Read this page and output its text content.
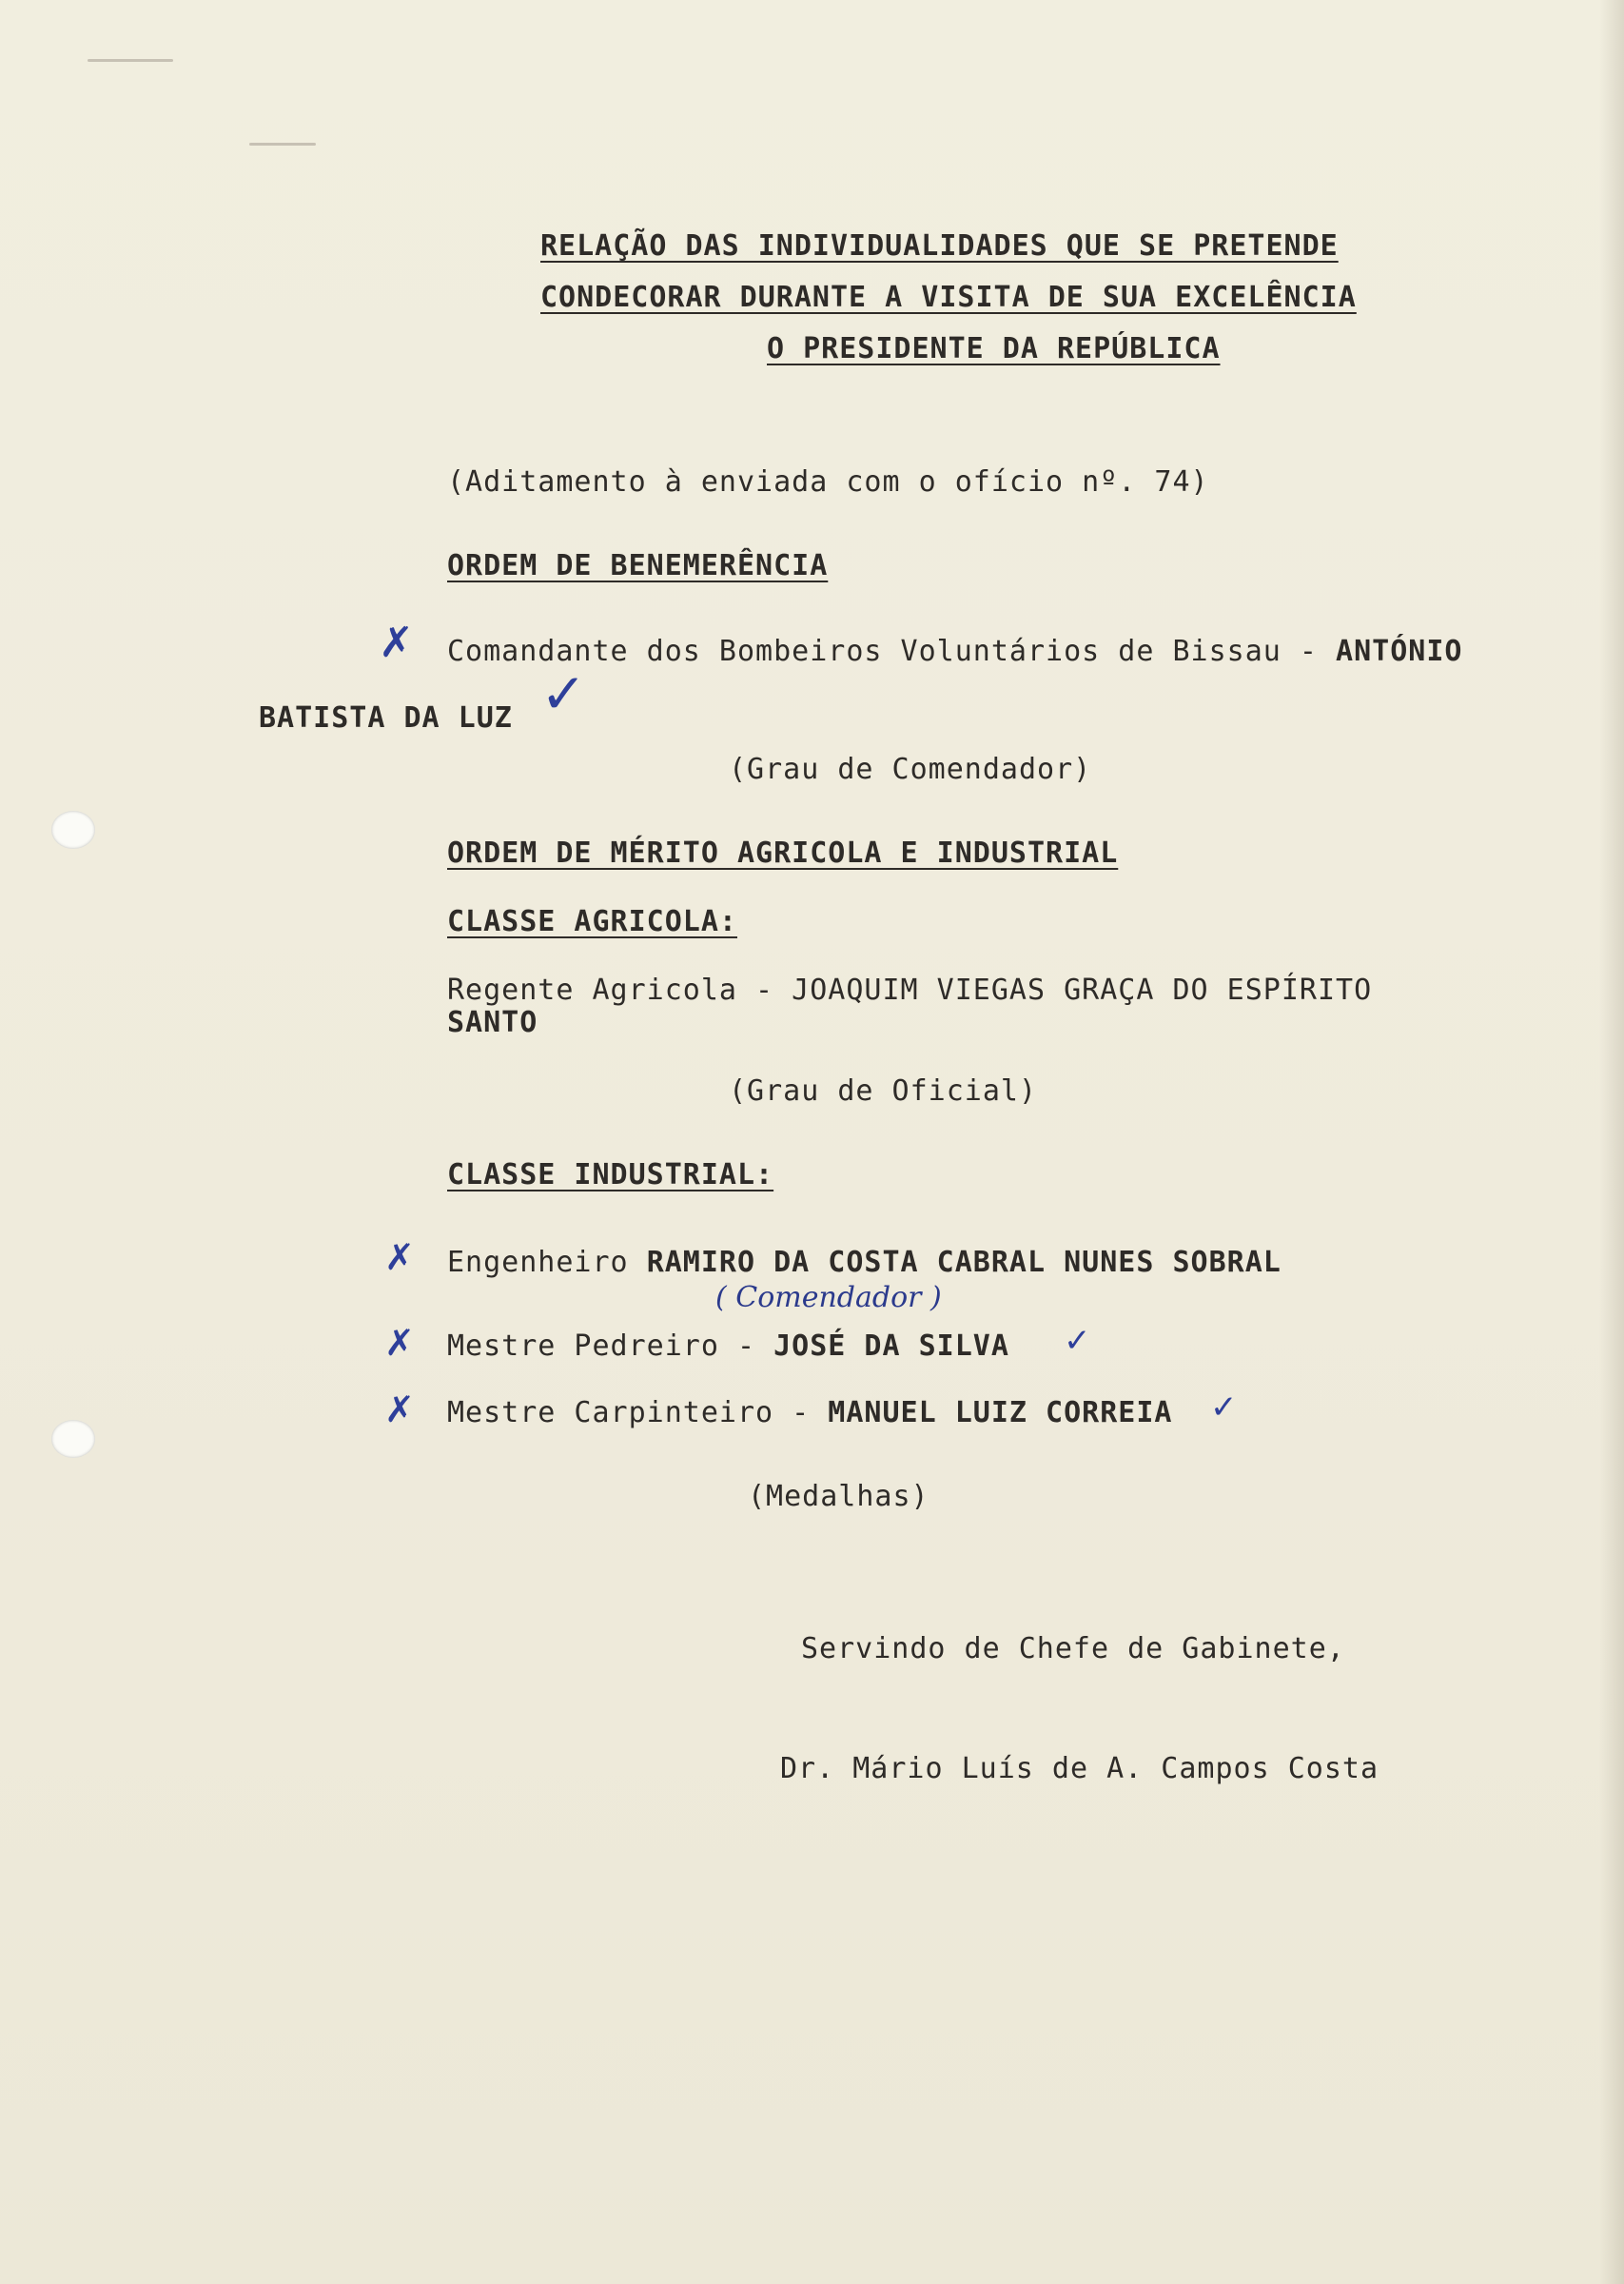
RELAÇÃO DAS INDIVIDUALIDADES QUE SE PRETENDE
CONDECORAR DURANTE A VISITA DE SUA EXCELÊNCIA
O PRESIDENTE DA REPÚBLICA
(Aditamento à enviada com o ofício nº. 74)
ORDEM DE BENEMERÊNCIA
✗ Comandante dos Bombeiros Voluntários de Bissau - ANTÓNIO
BATISTA DA LUZ ✓
(Grau de Comendador)
ORDEM DE MÉRITO AGRICOLA E INDUSTRIAL
CLASSE AGRICOLA:
Regente Agricola - JOAQUIM VIEGAS GRAÇA DO ESPÍRITO
SANTO
(Grau de Oficial)
CLASSE INDUSTRIAL:
✗ Engenheiro RAMIRO DA COSTA CABRAL NUNES SOBRAL
( Comendador )
✗ Mestre Pedreiro - JOSÉ DA SILVA ✓
✗ Mestre Carpinteiro - MANUEL LUIZ CORREIA ✓
(Medalhas)
Servindo de Chefe de Gabinete,
Dr. Mário Luís de A. Campos Costa
